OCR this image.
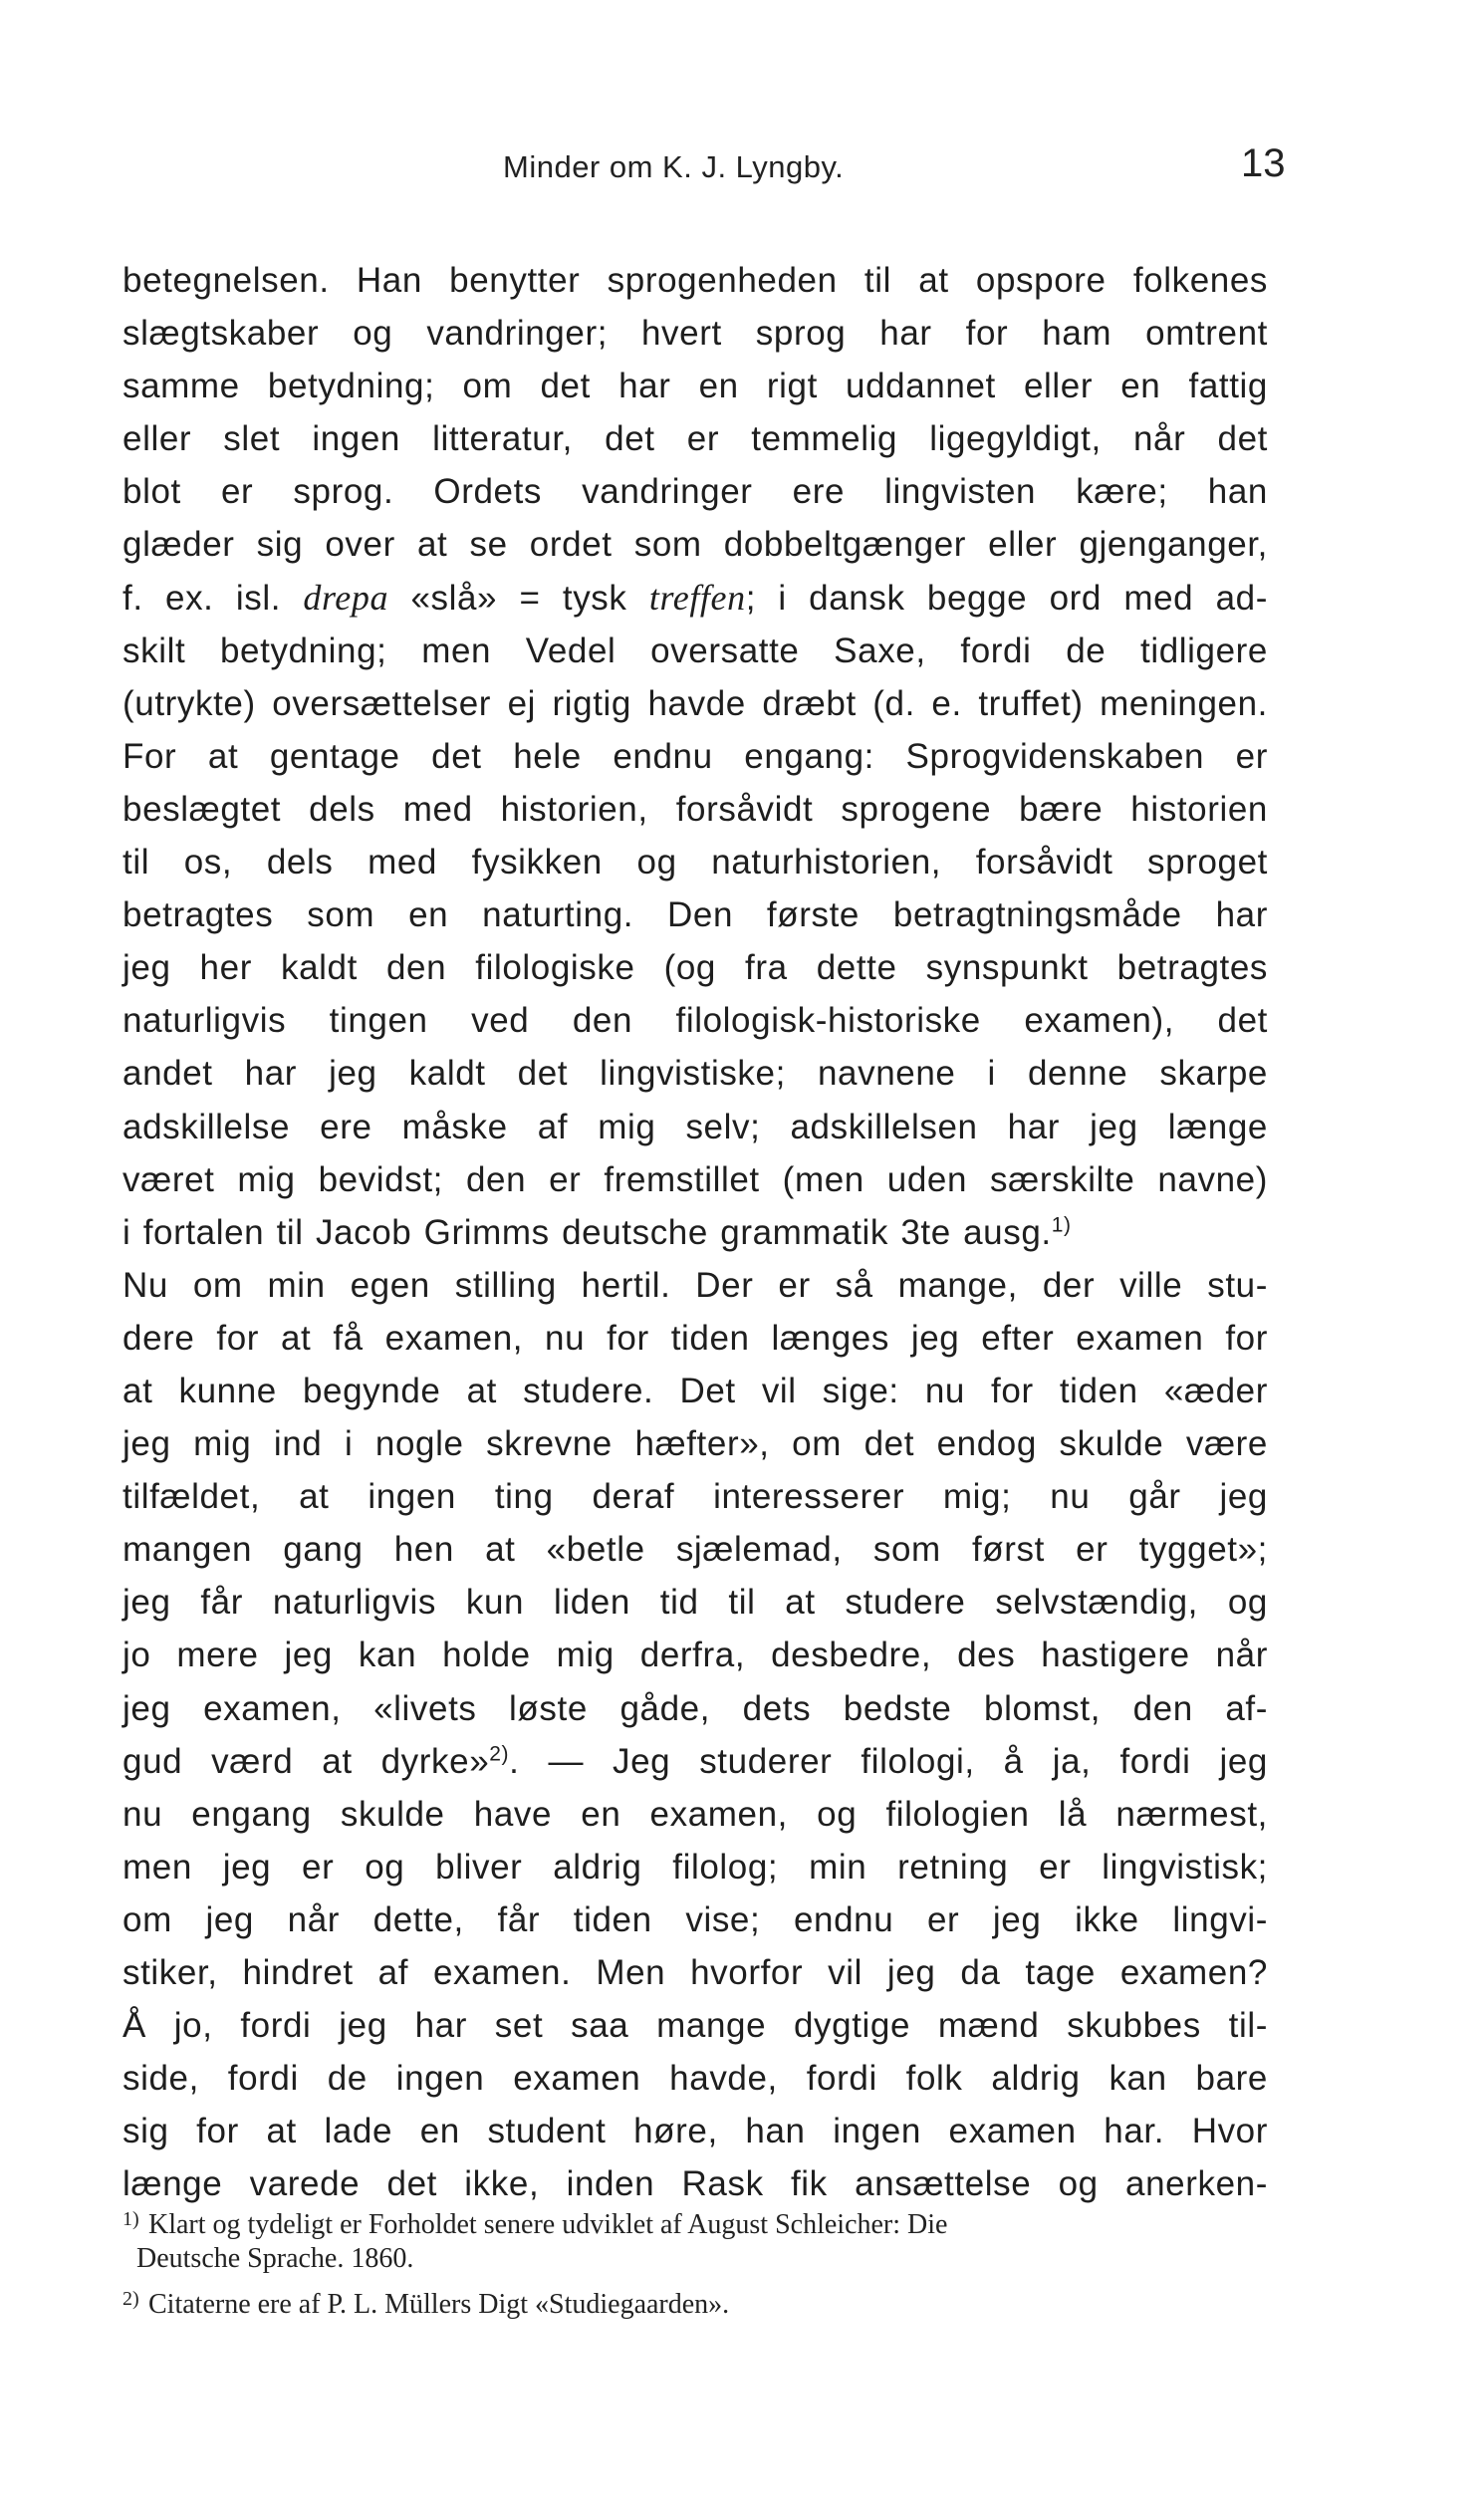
Minder om K. J. Lyngby.	13
betegnelsen. Han benytter sprogenheden til at opspore folkenes
slægtskaber og vandringer; hvert sprog har for ham omtrent
samme betydning; om det har en rigt uddannet eller en fattig
eller slet ingen litteratur, det er temmelig ligegyldigt, når det
blot er sprog. Ordets vandringer ere lingvisten kære; han
glæder sig over at se ordet som dobbeltgænger eller gjenganger,
f. ex. isl. drepa «slå» = tysk treffen; i dansk begge ord med ad-
skilt betydning; men Vedel oversatte Saxe, fordi de tidligere
(utrykte) oversættelser ej rigtig havde dræbt (d. e. truffet) meningen.
For at gentage det hele endnu engang: Sprogvidenskaben er
beslægtet dels med historien, forsåvidt sprogene bære historien
til os, dels med fysikken og naturhistorien, forsåvidt sproget
betragtes som en naturting. Den første betragtningsmåde har
jeg her kaldt den filologiske (og fra dette synspunkt betragtes
naturligvis tingen ved den filologisk-historiske examen), det
andet har jeg kaldt det lingvistiske; navnene i denne skarpe
adskillelse ere måske af mig selv; adskillelsen har jeg længe
været mig bevidst; den er fremstillet (men uden særskilte navne)
i fortalen til Jacob Grimms deutsche grammatik 3te ausg.$^{1)}$
Nu om min egen stilling hertil. Der er så mange, der ville stu-
dere for at få examen, nu for tiden længes jeg efter examen for
at kunne begynde at studere. Det vil sige: nu for tiden «æder
jeg mig ind i nogle skrevne hæfter», om det endog skulde være
tilfældet, at ingen ting deraf interesserer mig; nu går jeg
mangen gang hen at «betle sjælemad, som først er tygget»;
jeg får naturligvis kun liden tid til at studere selvstændig, og
jo mere jeg kan holde mig derfra, desbedre, des hastigere når
jeg examen, «livets løste gåde, dets bedste blomst, den af-
gud værd at dyrke»$^{2)}$. — Jeg studerer filologi, å ja, fordi jeg
nu engang skulde have en examen, og filologien lå nærmest,
men jeg er og bliver aldrig filolog; min retning er lingvistisk;
om jeg når dette, får tiden vise; endnu er jeg ikke lingvi-
stiker, hindret af examen. Men hvorfor vil jeg da tage examen?
Å jo, fordi jeg har set saa mange dygtige mænd skubbes til-
side, fordi de ingen examen havde, fordi folk aldrig kan bare
sig for at lade en student høre, han ingen examen har. Hvor
længe varede det ikke, inden Rask fik ansættelse og anerken-
1) Klart og tydeligt er Forholdet senere udviklet af August Schleicher: Die
Deutsche Sprache. 1860.
2) Citaterne ere af P. L. Müllers Digt «Studiegaarden».
